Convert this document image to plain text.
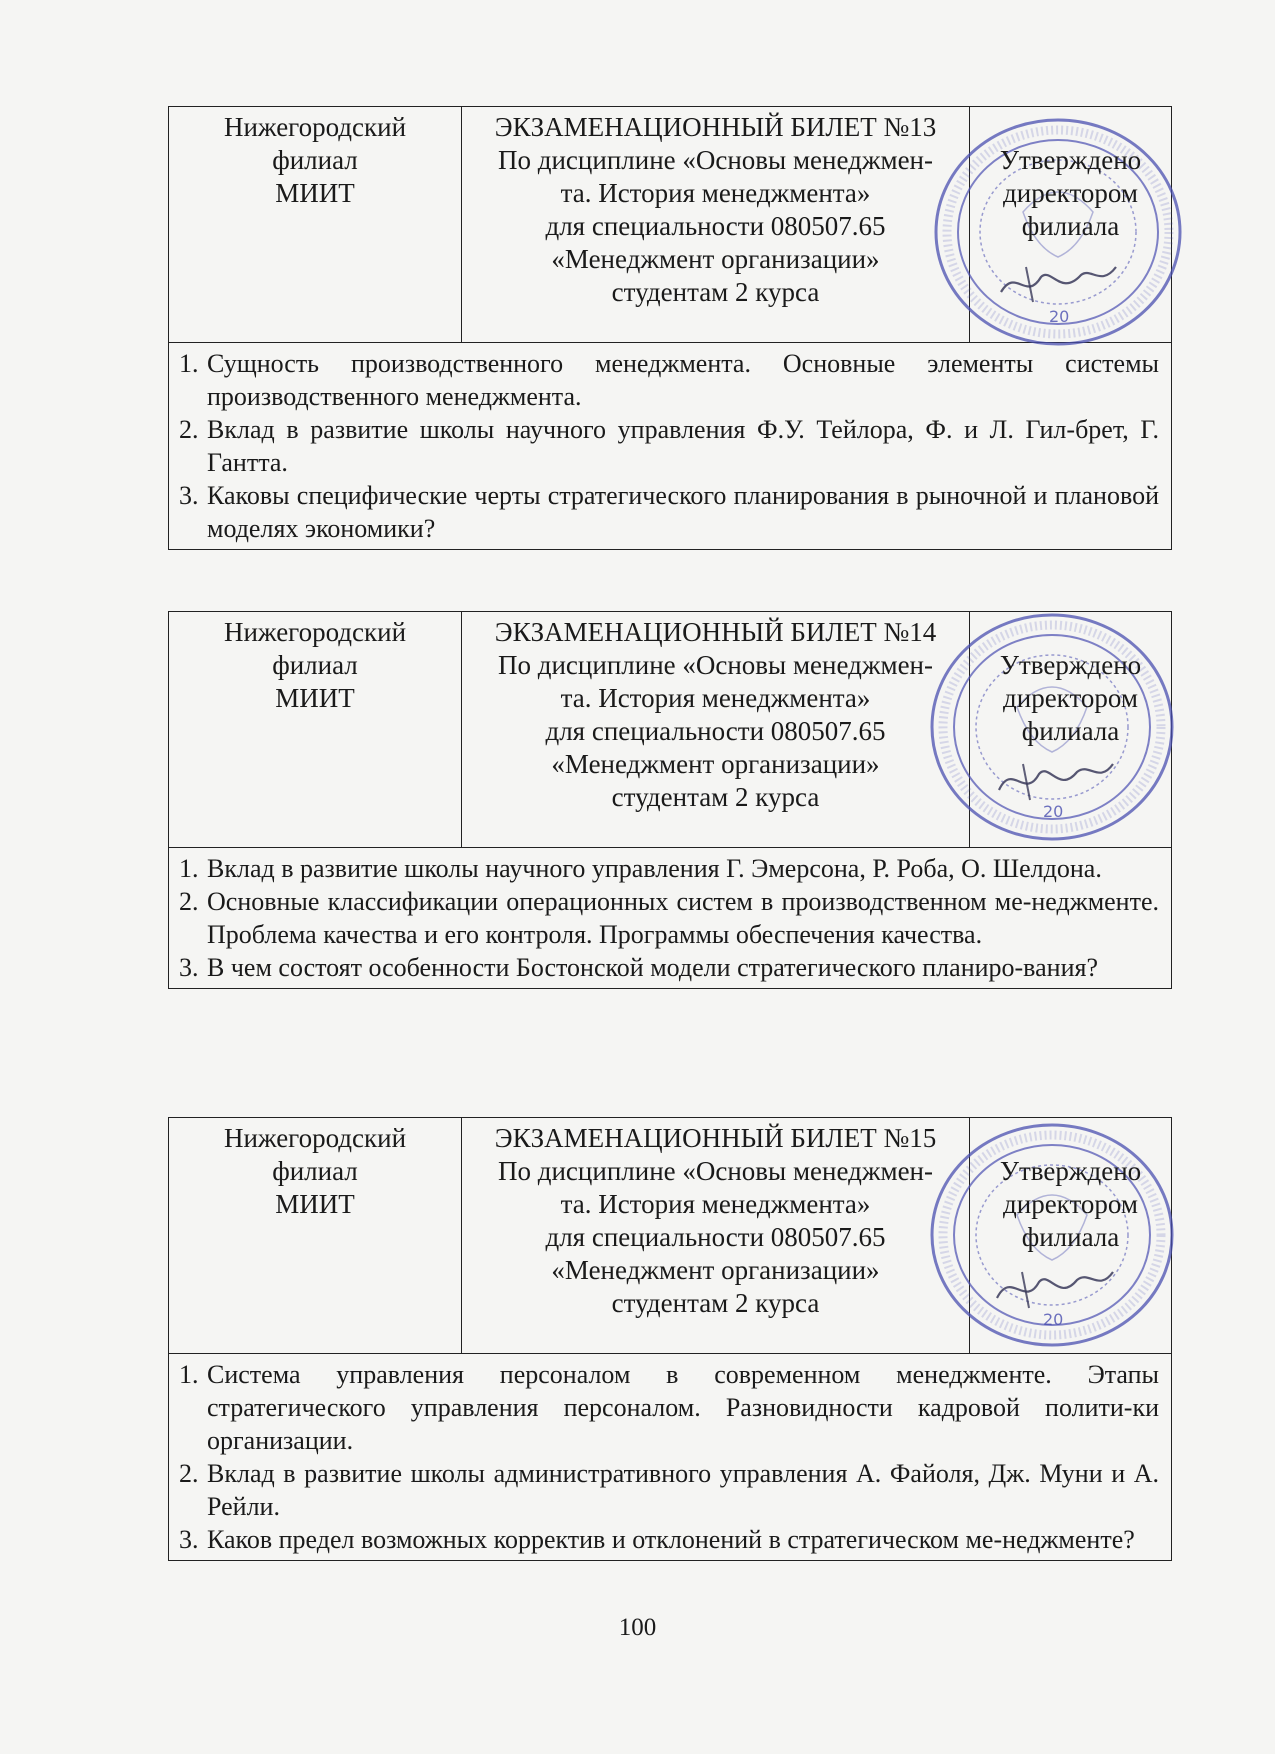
Нижегородский
филиал
МИИТ
ЭКЗАМЕНАЦИОННЫЙ БИЛЕТ №13
По дисциплине «Основы менеджмен-
та. История менеджмента»
для специальности 080507.65
«Менеджмент организации»
студентам 2 курса
Утверждено
директором
филиала
20
1. Сущность производственного менеджмента. Основные элементы системы производственного менеджмента.
2. Вклад в развитие школы научного управления Ф.У. Тейлора, Ф. и Л. Гил-брет, Г. Гантта.
3. Каковы специфические черты стратегического планирования в рыночной и плановой моделях экономики?
Нижегородский
филиал
МИИТ
ЭКЗАМЕНАЦИОННЫЙ БИЛЕТ №14
По дисциплине «Основы менеджмен-
та. История менеджмента»
для специальности 080507.65
«Менеджмент организации»
студентам 2 курса
Утверждено
директором
филиала
20
1. Вклад в развитие школы научного управления Г. Эмерсона, Р. Роба, О. Шелдона.
2. Основные классификации операционных систем в производственном ме-неджменте. Проблема качества и его контроля. Программы обеспечения качества.
3. В чем состоят особенности Бостонской модели стратегического планиро-вания?
Нижегородский
филиал
МИИТ
ЭКЗАМЕНАЦИОННЫЙ БИЛЕТ №15
По дисциплине «Основы менеджмен-
та. История менеджмента»
для специальности 080507.65
«Менеджмент организации»
студентам 2 курса
Утверждено
директором
филиала
20
1. Система управления персоналом в современном менеджменте. Этапы стратегического управления персоналом. Разновидности кадровой полити-ки организации.
2. Вклад в развитие школы административного управления А. Файоля, Дж. Муни и А. Рейли.
3. Каков предел возможных корректив и отклонений в стратегическом ме-неджменте?
100
